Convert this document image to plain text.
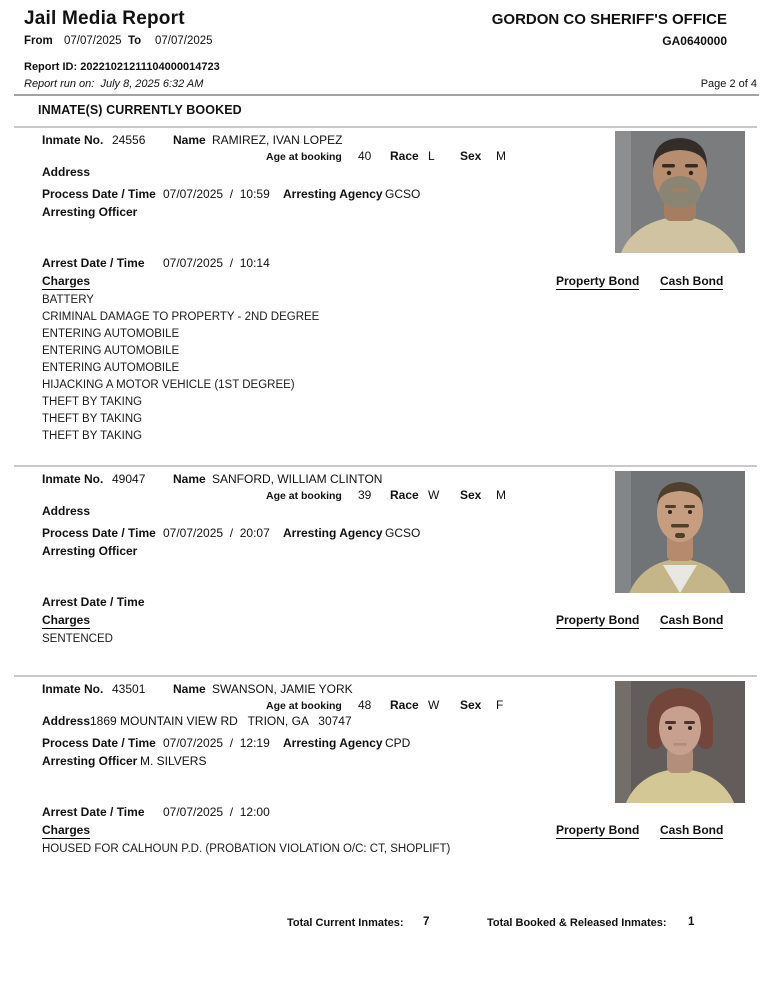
Jail Media Report	GORDON CO SHERIFF'S OFFICE
From 07/07/2025 To 07/07/2025	GA0640000
Report ID: 20221021211104000014723
Report run on: July 8, 2025 6:32 AM	Page 2 of 4
INMATE(S) CURRENTLY BOOKED
Inmate No. 24556 Name RAMIREZ, IVAN LOPEZ
Age at booking 40 Race L Sex M
Address
Process Date / Time 07/07/2025  /  10:59 Arresting Agency GCSO
Arresting Officer
Arrest Date / Time 07/07/2025  /  10:14
Charges	Property Bond Cash Bond
BATTERY
CRIMINAL DAMAGE TO PROPERTY - 2ND DEGREE
ENTERING AUTOMOBILE
ENTERING AUTOMOBILE
ENTERING AUTOMOBILE
HIJACKING A MOTOR VEHICLE (1ST DEGREE)
THEFT BY TAKING
THEFT BY TAKING
THEFT BY TAKING
Inmate No. 49047 Name SANFORD, WILLIAM CLINTON
Age at booking 39 Race W Sex M
Address
Process Date / Time 07/07/2025  /  20:07 Arresting Agency GCSO
Arresting Officer
Arrest Date / Time
Charges	Property Bond Cash Bond
SENTENCED
Inmate No. 43501 Name SWANSON, JAMIE YORK
Age at booking 48 Race W Sex F
Address 1869 MOUNTAIN VIEW RD   TRION, GA   30747
Process Date / Time 07/07/2025  /  12:19 Arresting Agency CPD
Arresting Officer M. SILVERS
Arrest Date / Time 07/07/2025  /  12:00
Charges	Property Bond Cash Bond
HOUSED FOR CALHOUN P.D. (PROBATION VIOLATION O/C: CT, SHOPLIFT)
Total Current Inmates: 7	Total Booked & Released Inmates: 1
